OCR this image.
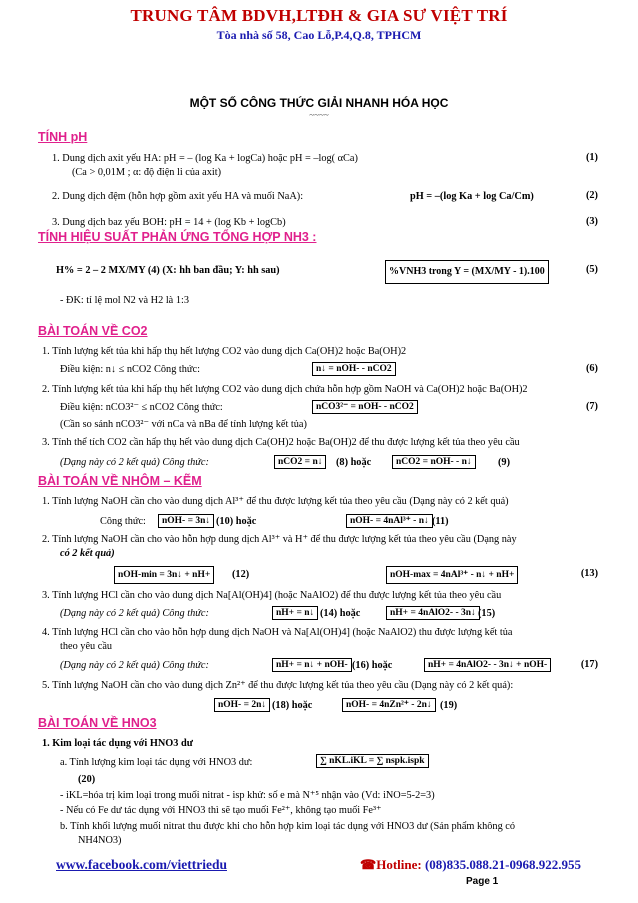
TRUNG TÂM BDVH,LTĐH & GIA SƯ VIỆT TRÍ
Tòa nhà số 58, Cao Lỗ,P.4,Q.8, TPHCM
MỘT SỐ CÔNG THỨC GIẢI NHANH HÓA HỌC
~~~~
TÍNH pH
1. Dung dịch axit yếu HA: pH = – (log Ka + logCa) hoặc pH = –log( αCa)	(1)
(Ca > 0,01M ; α: độ điện li của axit)
2. Dung dịch đệm (hỗn hợp gồm axit yếu HA và muối NaA):	pH = –(log Ka + log Ca/Cm)	(2)
3. Dung dịch baz yếu BOH: pH = 14 + (log Kb + logCb)	(3)
TÍNH HIỆU SUẤT PHẢN ỨNG TỔNG HỢP NH3 :
H% = 2 – 2 MX/MY (4) (X: hh ban đầu; Y: hh sau)	%VNH3 trong Y = (MX/MY - 1).100	(5)
- ĐK: tỉ lệ mol N2 và H2 là 1:3
BÀI TOÁN VỀ CO2
1. Tính lượng kết tủa khi hấp thụ hết lượng CO2 vào dung dịch Ca(OH)2 hoặc Ba(OH)2
Điều kiện: n↓ ≤ nCO2 Công thức:	n↓ = nOH- - nCO2	(6)
2. Tính lượng kết tủa khi hấp thụ hết lượng CO2 vào dung dịch chứa hỗn hợp gồm NaOH và Ca(OH)2 hoặc Ba(OH)2
Điều kiện: nCO3²⁻ ≤ nCO2 Công thức:	nCO3²⁻ = nOH- - nCO2	(7)
(Cần so sánh nCO3²⁻ với nCa và nBa để tính lượng kết tủa)
3. Tính thể tích CO2 cần hấp thụ hết vào dung dịch Ca(OH)2 hoặc Ba(OH)2 để thu được lượng kết tủa theo yêu cầu
(Dạng này có 2 kết quả) Công thức:	nCO2 = n↓	(8) hoặc	nCO2 = nOH- - n↓	(9)
BÀI TOÁN VỀ NHÔM – KẼM
1. Tính lượng NaOH cần cho vào dung dịch Al³⁺ để thu được lượng kết tủa theo yêu cầu (Dạng này có 2 kết quả)
Công thức:	nOH- = 3n↓ (10) hoặc	nOH- = 4nAl³⁺ - n↓ (11)
2. Tính lượng NaOH cần cho vào hỗn hợp dung dịch Al³⁺ và H⁺ để thu được lượng kết tủa theo yêu cầu (Dạng này
có 2 kết quả)
nOH-min = 3n↓ + nH+	(12)	nOH-max = 4nAl³⁺ - n↓ + nH+	(13)
3. Tính lượng HCl cần cho vào dung dịch Na[Al(OH)4] (hoặc NaAlO2) để thu được lượng kết tủa theo yêu cầu
(Dạng này có 2 kết quả) Công thức:	nH+ = n↓ (14) hoặc	nH+ = 4nAlO2- - 3n↓ (15)
4. Tính lượng HCl cần cho vào hỗn hợp dung dịch NaOH và Na[Al(OH)4] (hoặc NaAlO2) thu được lượng kết tủa
theo yêu cầu
(Dạng này có 2 kết quả) Công thức:	nH+ = n↓ + nOH- (16) hoặc	nH+ = 4nAlO2- - 3n↓ + nOH-	(17)
5. Tính lượng NaOH cần cho vào dung dịch Zn²⁺ để thu được lượng kết tủa theo yêu cầu (Dạng này có 2 kết quả):
nOH- = 2n↓ (18) hoặc	nOH- = 4nZn²⁺ - 2n↓ (19)
BÀI TOÁN VỀ HNO3
1. Kim loại tác dụng với HNO3 dư
a. Tính lượng kim loại tác dụng với HNO3 dư:	∑ nKL.iKL = ∑ nspk.ispk
(20)
- iKL=hóa trị kim loại trong muối nitrat - isp khử: số e mà N⁺⁵ nhận vào (Vd: iNO=5-2=3)
- Nếu có Fe dư tác dụng với HNO3 thì sẽ tạo muối Fe²⁺, không tạo muối Fe³⁺
b. Tính khối lượng muối nitrat thu được khi cho hỗn hợp kim loại tác dụng với HNO3 dư (Sản phẩm không có
NH4NO3)
www.facebook.com/viettriedu	☎Hotline: (08)835.088.21-0968.922.955
Page 1
